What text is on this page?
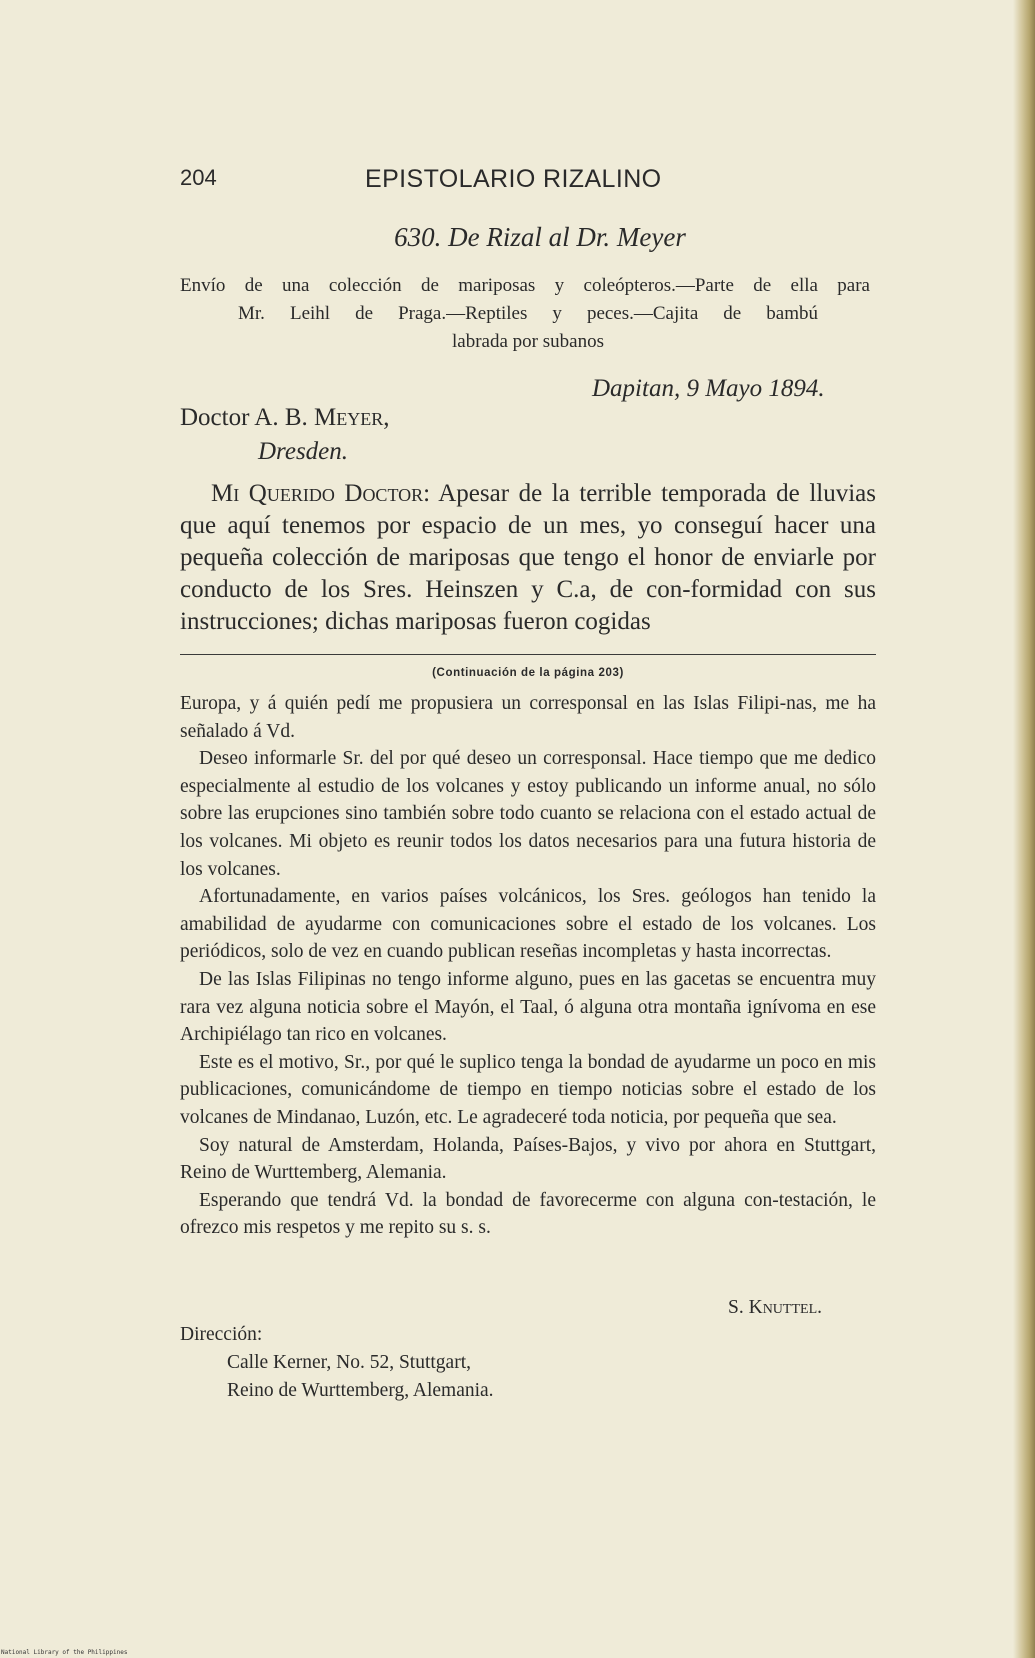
204	EPISTOLARIO RIZALINO
630. De Rizal al Dr. Meyer
Envío de una colección de mariposas y coleópteros.—Parte de ella para
Mr. Leihl de Praga.—Reptiles y peces.—Cajita de bambú
labrada por subanos
Dapitan, 9 Mayo 1894.
Doctor A. B. Meyer,
Dresden.

Mi Querido Doctor: Apesar de la terrible temporada de lluvias que aquí tenemos por espacio de un mes, yo conseguí hacer una pequeña colección de mariposas que tengo el honor de enviarle por conducto de los Sres. Heinszen y C.a, de con-formidad con sus instrucciones; dichas mariposas fueron cogidas

(Continuación de la página 203)

Europa, y á quién pedí me propusiera un corresponsal en las Islas Filipi-nas, me ha señalado á Vd.

Deseo informarle Sr. del por qué deseo un corresponsal. Hace tiempo que me dedico especialmente al estudio de los volcanes y estoy publicando un informe anual, no sólo sobre las erupciones sino también sobre todo cuanto se relaciona con el estado actual de los volcanes. Mi objeto es reunir todos los datos necesarios para una futura historia de los volcanes.

Afortunadamente, en varios países volcánicos, los Sres. geólogos han tenido la amabilidad de ayudarme con comunicaciones sobre el estado de los volcanes. Los periódicos, solo de vez en cuando publican reseñas incompletas y hasta incorrectas.

De las Islas Filipinas no tengo informe alguno, pues en las gacetas se encuentra muy rara vez alguna noticia sobre el Mayón, el Taal, ó alguna otra montaña ignívoma en ese Archipiélago tan rico en volcanes.

Este es el motivo, Sr., por qué le suplico tenga la bondad de ayudarme un poco en mis publicaciones, comunicándome de tiempo en tiempo noticias sobre el estado de los volcanes de Mindanao, Luzón, etc. Le agradeceré toda noticia, por pequeña que sea.

Soy natural de Amsterdam, Holanda, Países-Bajos, y vivo por ahora en Stuttgart, Reino de Wurttemberg, Alemania.

Esperando que tendrá Vd. la bondad de favorecerme con alguna con-testación, le ofrezco mis respetos y me repito su s. s.

S. Knuttel.
Dirección:
Calle Kerner, No. 52, Stuttgart,
Reino de Wurttemberg, Alemania.
National Library of the Philippines
